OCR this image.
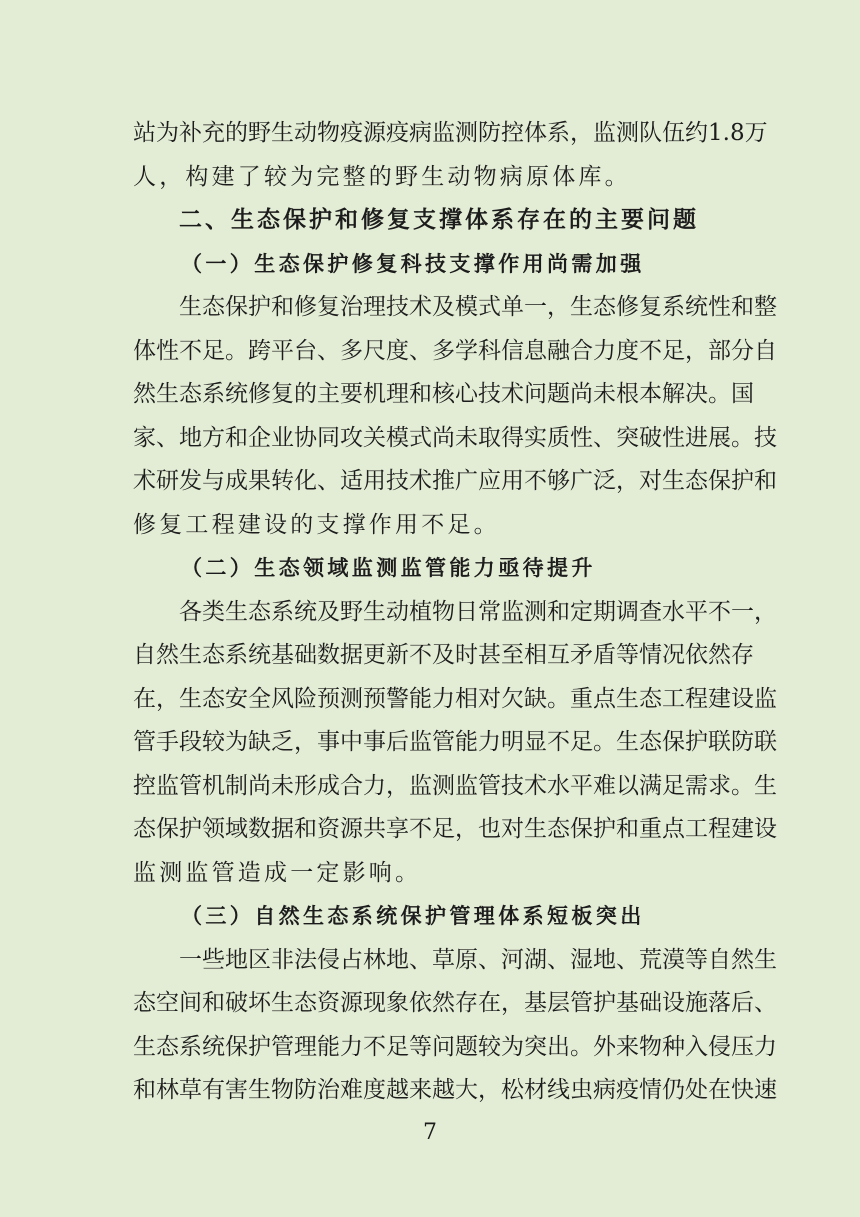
站 为 补 充 的 野 生 动 物 疫 源 疫 病 监 测 防 控 体 系 ， 监 测 队 伍 约 1.8 万
人，构建了较为完整的野生动物病原体库。
二、生态保护和修复支撑体系存在的主要问题
（一）生态保护修复科技支撑作用尚需加强
生 态 保 护 和 修 复 治 理 技 术 及 模 式 单 一 ， 生 态 修 复 系 统 性 和 整
体 性 不 足 。 跨 平 台 、 多 尺 度 、 多 学 科 信 息 融 合 力 度 不 足 ， 部 分 自
然 生 态 系 统 修 复 的 主 要 机 理 和 核 心 技 术 问 题 尚 未 根 本 解 决 。 国
家 、 地 方 和 企 业 协 同 攻 关 模 式 尚 未 取 得 实 质 性 、 突 破 性 进 展 。 技
术 研 发 与 成 果 转 化 、 适 用 技 术 推 广 应 用 不 够 广 泛 ， 对 生 态 保 护 和
修复工程建设的支撑作用不足。
（二）生态领域监测监管能力亟待提升
各 类 生 态 系 统 及 野 生 动 植 物 日 常 监 测 和 定 期 调 查 水 平 不 一 ，
自 然 生 态 系 统 基 础 数 据 更 新 不 及 时 甚 至 相 互 矛 盾 等 情 况 依 然 存
在 ， 生 态 安 全 风 险 预 测 预 警 能 力 相 对 欠 缺 。 重 点 生 态 工 程 建 设 监
管 手 段 较 为 缺 乏 ， 事 中 事 后 监 管 能 力 明 显 不 足 。 生 态 保 护 联 防 联
控 监 管 机 制 尚 未 形 成 合 力 ， 监 测 监 管 技 术 水 平 难 以 满 足 需 求 。 生
态 保 护 领 域 数 据 和 资 源 共 享 不 足 ， 也 对 生 态 保 护 和 重 点 工 程 建 设
监测监管造成一定影响。
（三）自然生态系统保护管理体系短板突出
一 些 地 区 非 法 侵 占 林 地 、 草 原 、 河 湖 、 湿 地 、 荒 漠 等 自 然 生
态 空 间 和 破 坏 生 态 资 源 现 象 依 然 存 在 ， 基 层 管 护 基 础 设 施 落 后 、
生 态 系 统 保 护 管 理 能 力 不 足 等 问 题 较 为 突 出 。 外 来 物 种 入 侵 压 力
和 林 草 有 害 生 物 防 治 难 度 越 来 越 大 ， 松 材 线 虫 病 疫 情 仍 处 在 快 速
7
